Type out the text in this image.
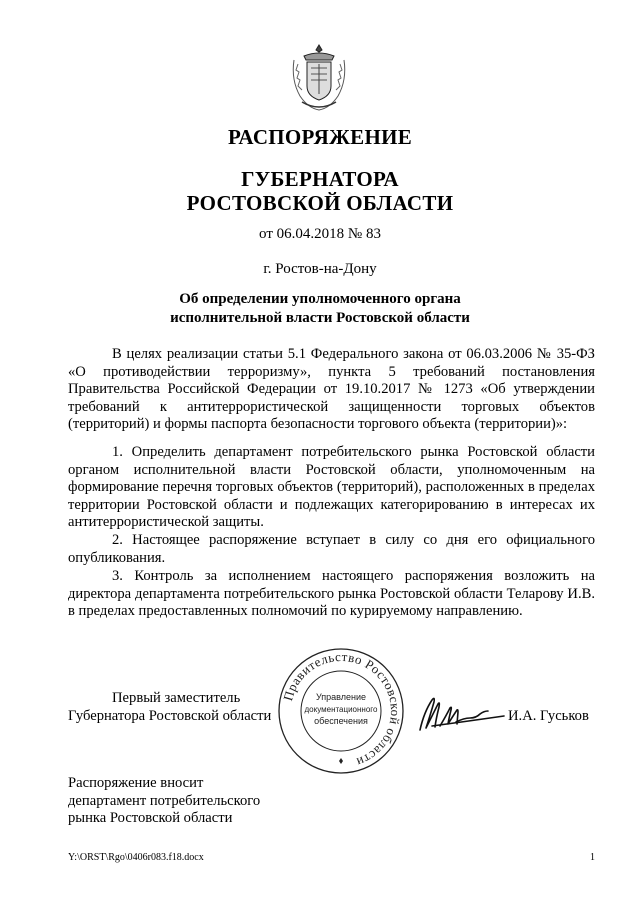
РАСПОРЯЖЕНИЕ
ГУБЕРНАТОРА
РОСТОВСКОЙ ОБЛАСТИ
от 06.04.2018 № 83
г. Ростов-на-Дону
Об определении уполномоченного органа
исполнительной власти Ростовской области
В целях реализации статьи 5.1 Федерального закона от 06.03.2006 № 35-ФЗ «О противодействии терроризму», пункта 5 требований постановления Правительства Российской Федерации от 19.10.2017 № 1273 «Об утверждении требований к антитеррористической защищенности торговых объектов (территорий) и формы паспорта безопасности торгового объекта (территории)»:
1. Определить департамент потребительского рынка Ростовской области органом исполнительной власти Ростовской области, уполномоченным на формирование перечня торговых объектов (территорий), расположенных в пределах территории Ростовской области и подлежащих категорированию в интересах их антитеррористической защиты.
2. Настоящее распоряжение вступает в силу со дня его официального опубликования.
3. Контроль за исполнением настоящего распоряжения возложить на директора департамента потребительского рынка Ростовской области Теларову И.В. в пределах предоставленных полномочий по курируемому направлению.
Первый заместитель
Губернатора Ростовской области
Правительство Ростовской области
Управление
документационного
обеспечения	И.А. Гуськов
Распоряжение вносит
департамент потребительского
рынка Ростовской области
Y:\ORST\Rgo\0406r083.f18.docx	1
